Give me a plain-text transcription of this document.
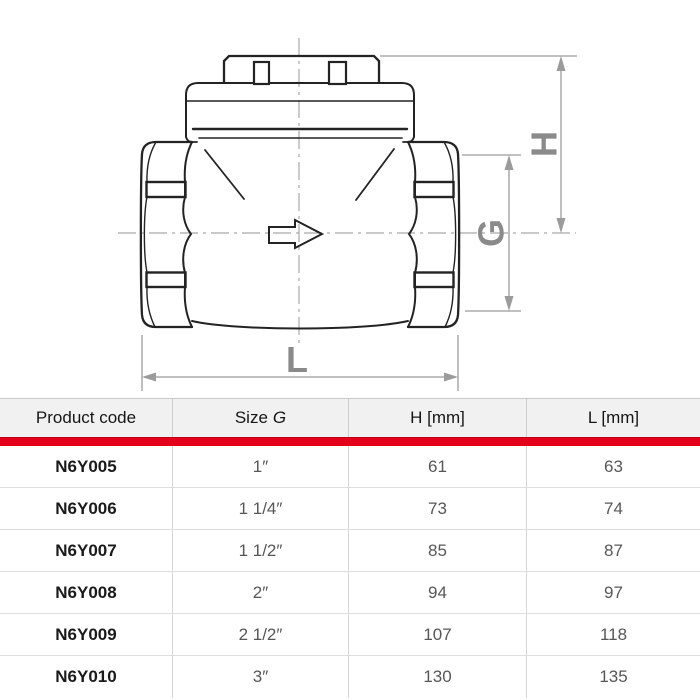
H
G
L
Product code	Size G	H [mm]	L [mm]
N6Y005	1″	61	63
N6Y006	1 1/4″	73	74
N6Y007	1 1/2″	85	87
N6Y008	2″	94	97
N6Y009	2 1/2″	107	118
N6Y010	3″	130	135
